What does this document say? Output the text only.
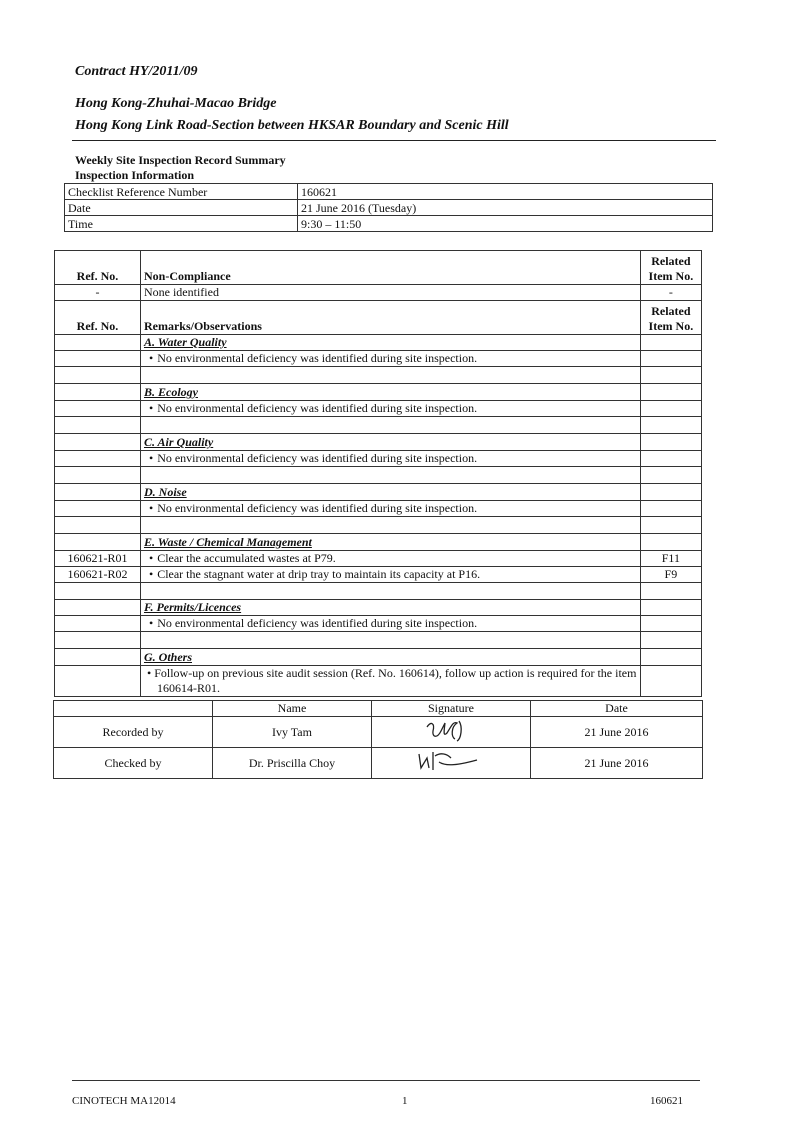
Contract HY/2011/09

Hong Kong-Zhuhai-Macao Bridge

Hong Kong Link Road-Section between HKSAR Boundary and Scenic Hill

Weekly Site Inspection Record Summary
Inspection Information
Checklist Reference Number	160621
Date	21 June 2016 (Tuesday)
Time	9:30 – 11:50
Ref. No.	Non-Compliance	Related
Item No.
-	None identified	-
Ref. No.	Remarks/Observations	Related
Item No.
	A. Water Quality	
	• No environmental deficiency was identified during site inspection.	

	B. Ecology	
	• No environmental deficiency was identified during site inspection.	

	C. Air Quality	
	• No environmental deficiency was identified during site inspection.	

	D. Noise	
	• No environmental deficiency was identified during site inspection.	

	E. Waste / Chemical Management	
160621-R01	• Clear the accumulated wastes at P79.	F11
160621-R02	• Clear the stagnant water at drip tray to maintain its capacity at P16.	F9

	F. Permits/Licences	
	• No environmental deficiency was identified during site inspection.	

	G. Others	
	• Follow-up on previous site audit session (Ref. No. 160614), follow up action is required for the item 160614-R01.	
	Name	Signature	Date
Recorded by	Ivy Tam		21 June 2016
Checked by	Dr. Priscilla Choy		21 June 2016
CINOTECH MA12014	1	160621
